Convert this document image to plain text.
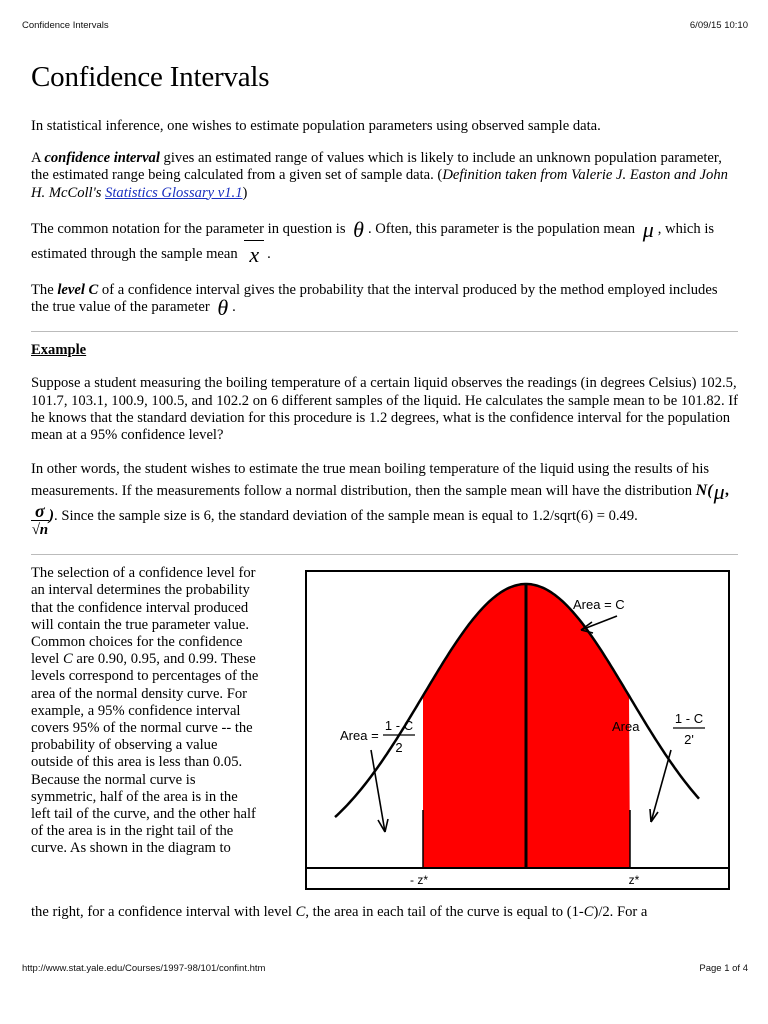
Confidence Intervals	6/09/15 10:10
Confidence Intervals

In statistical inference, one wishes to estimate population parameters using observed sample data.

A confidence interval gives an estimated range of values which is likely to include an unknown population parameter, the estimated range being calculated from a given set of sample data. (Definition taken from Valerie J. Easton and John H. McColl's Statistics Glossary v1.1)

The common notation for the parameter in question is θ . Often, this parameter is the population mean μ , which is estimated through the sample mean x .

The level C of a confidence interval gives the probability that the interval produced by the method employed includes the true value of the parameter θ .

Example

Suppose a student measuring the boiling temperature of a certain liquid observes the readings (in degrees Celsius) 102.5, 101.7, 103.1, 100.9, 100.5, and 102.2 on 6 different samples of the liquid. He calculates the sample mean to be 101.82. If he knows that the standard deviation for this procedure is 1.2 degrees, what is the confidence interval for the population mean at a 95% confidence level?

In other words, the student wishes to estimate the true mean boiling temperature of the liquid using the results of his measurements. If the measurements follow a normal distribution, then the sample mean will have the distribution N(μ,
$\frac{\sigma}{√n}$ ). Since the sample size is 6, the standard deviation of the sample mean is equal to 1.2/sqrt(6) = 0.49.

The selection of a confidence level for an interval determines the probability that the confidence interval produced will contain the true parameter value. Common choices for the confidence level C are 0.90, 0.95, and 0.99. These levels correspond to percentages of the area of the normal density curve. For example, a 95% confidence interval covers 95% of the normal curve -- the probability of observing a value outside of this area is less than 0.05. Because the normal curve is symmetric, half of the area is in the left tail of the curve, and the other half of the area is in the right tail of the curve. As shown in the diagram to
Area = C
Area =
1 - C
2
Area
1 - C
2'
- z*	z*
the right, for a confidence interval with level C, the area in each tail of the curve is equal to (1-C)/2. For a
http://www.stat.yale.edu/Courses/1997-98/101/confint.htm	Page 1 of 4
